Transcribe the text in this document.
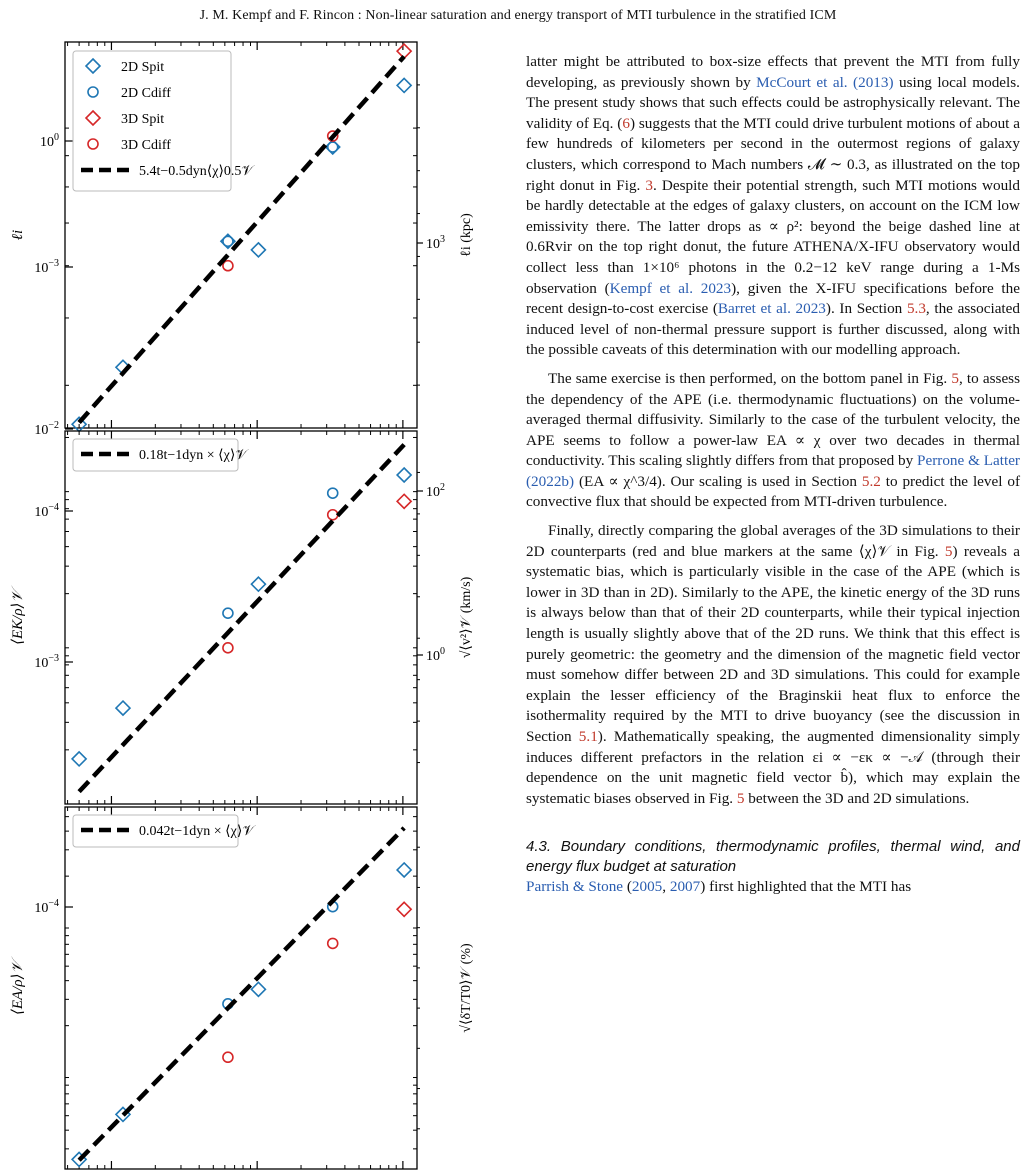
J. M. Kempf and F. Rincon : Non-linear saturation and energy transport of MTI turbulence in the stratified ICM
$10^0$
$10^3$
ℓi	ℓi (kpc)
2D Spit
2D Cdiff
3D Spit
3D Cdiff
5.4t−0.5dyn⟨χ⟩0.5𝒱
$10^{-2}$
$10^{-3}$
$10^{-4}$
$10^2$
⟨EK/ρ⟩𝒱	√⟨v²⟩𝒱 (km/s)
0.18t−1dyn × ⟨χ⟩𝒱
$10^{-3}$
$10^{-4}$
$10^0$
⟨EA/ρ⟩𝒱	√⟨δT/T0⟩𝒱 (%)
0.042t−1dyn × ⟨χ⟩𝒱

latter might be attributed to box-size effects that prevent the MTI from fully developing, as previously shown by McCourt et al. (2013) using local models. The present study shows that such effects could be astrophysically relevant. The validity of Eq. (6) suggests that the MTI could drive turbulent motions of about a few hundreds of kilometers per second in the outermost regions of galaxy clusters, which correspond to Mach numbers 𝓜 ∼ 0.3, as illustrated on the top right donut in Fig. 3. Despite their potential strength, such MTI motions would be hardly detectable at the edges of galaxy clusters, on account on the ICM low emissivity there. The latter drops as ∝ ρ²: beyond the beige dashed line at 0.6Rvir on the top right donut, the future ATHENA/X-IFU observatory would collect less than 1×10⁶ photons in the 0.2−12 keV range during a 1-Ms observation (Kempf et al. 2023), given the X-IFU specifications before the recent design-to-cost exercise (Barret et al. 2023). In Section 5.3, the associated induced level of non-thermal pressure support is further discussed, along with the possible caveats of this determination with our modelling approach.

The same exercise is then performed, on the bottom panel in Fig. 5, to assess the dependency of the APE (i.e. thermodynamic fluctuations) on the volume-averaged thermal diffusivity. Similarly to the case of the turbulent velocity, the APE seems to follow a power-law EA ∝ χ over two decades in thermal conductivity. This scaling slightly differs from that proposed by Perrone & Latter (2022b) (EA ∝ χ^3/4). Our scaling is used in Section 5.2 to predict the level of convective flux that should be expected from MTI-driven turbulence.

Finally, directly comparing the global averages of the 3D simulations to their 2D counterparts (red and blue markers at the same ⟨χ⟩𝒱 in Fig. 5) reveals a systematic bias, which is particularly visible in the case of the APE (which is lower in 3D than in 2D). Similarly to the APE, the kinetic energy of the 3D runs is always below than that of their 2D counterparts, while their typical injection length is usually slightly above that of the 2D runs. We think that this effect is purely geometric: the geometry and the dimension of the magnetic field vector must somehow differ between 2D and 3D simulations. This could for example explain the lesser efficiency of the Braginskii heat flux to enforce the isothermality required by the MTI to drive buoyancy (see the discussion in Section 5.1). Mathematically speaking, the augmented dimensionality simply induces different prefactors in the relation εi ∝ −εκ ∝ −𝒜 (through their dependence on the unit magnetic field vector b̂), which may explain the systematic biases observed in Fig. 5 between the 3D and 2D simulations.

4.3. Boundary conditions, thermodynamic profiles, thermal wind, and energy flux budget at saturation

Parrish & Stone (2005, 2007) first highlighted that the MTI has
